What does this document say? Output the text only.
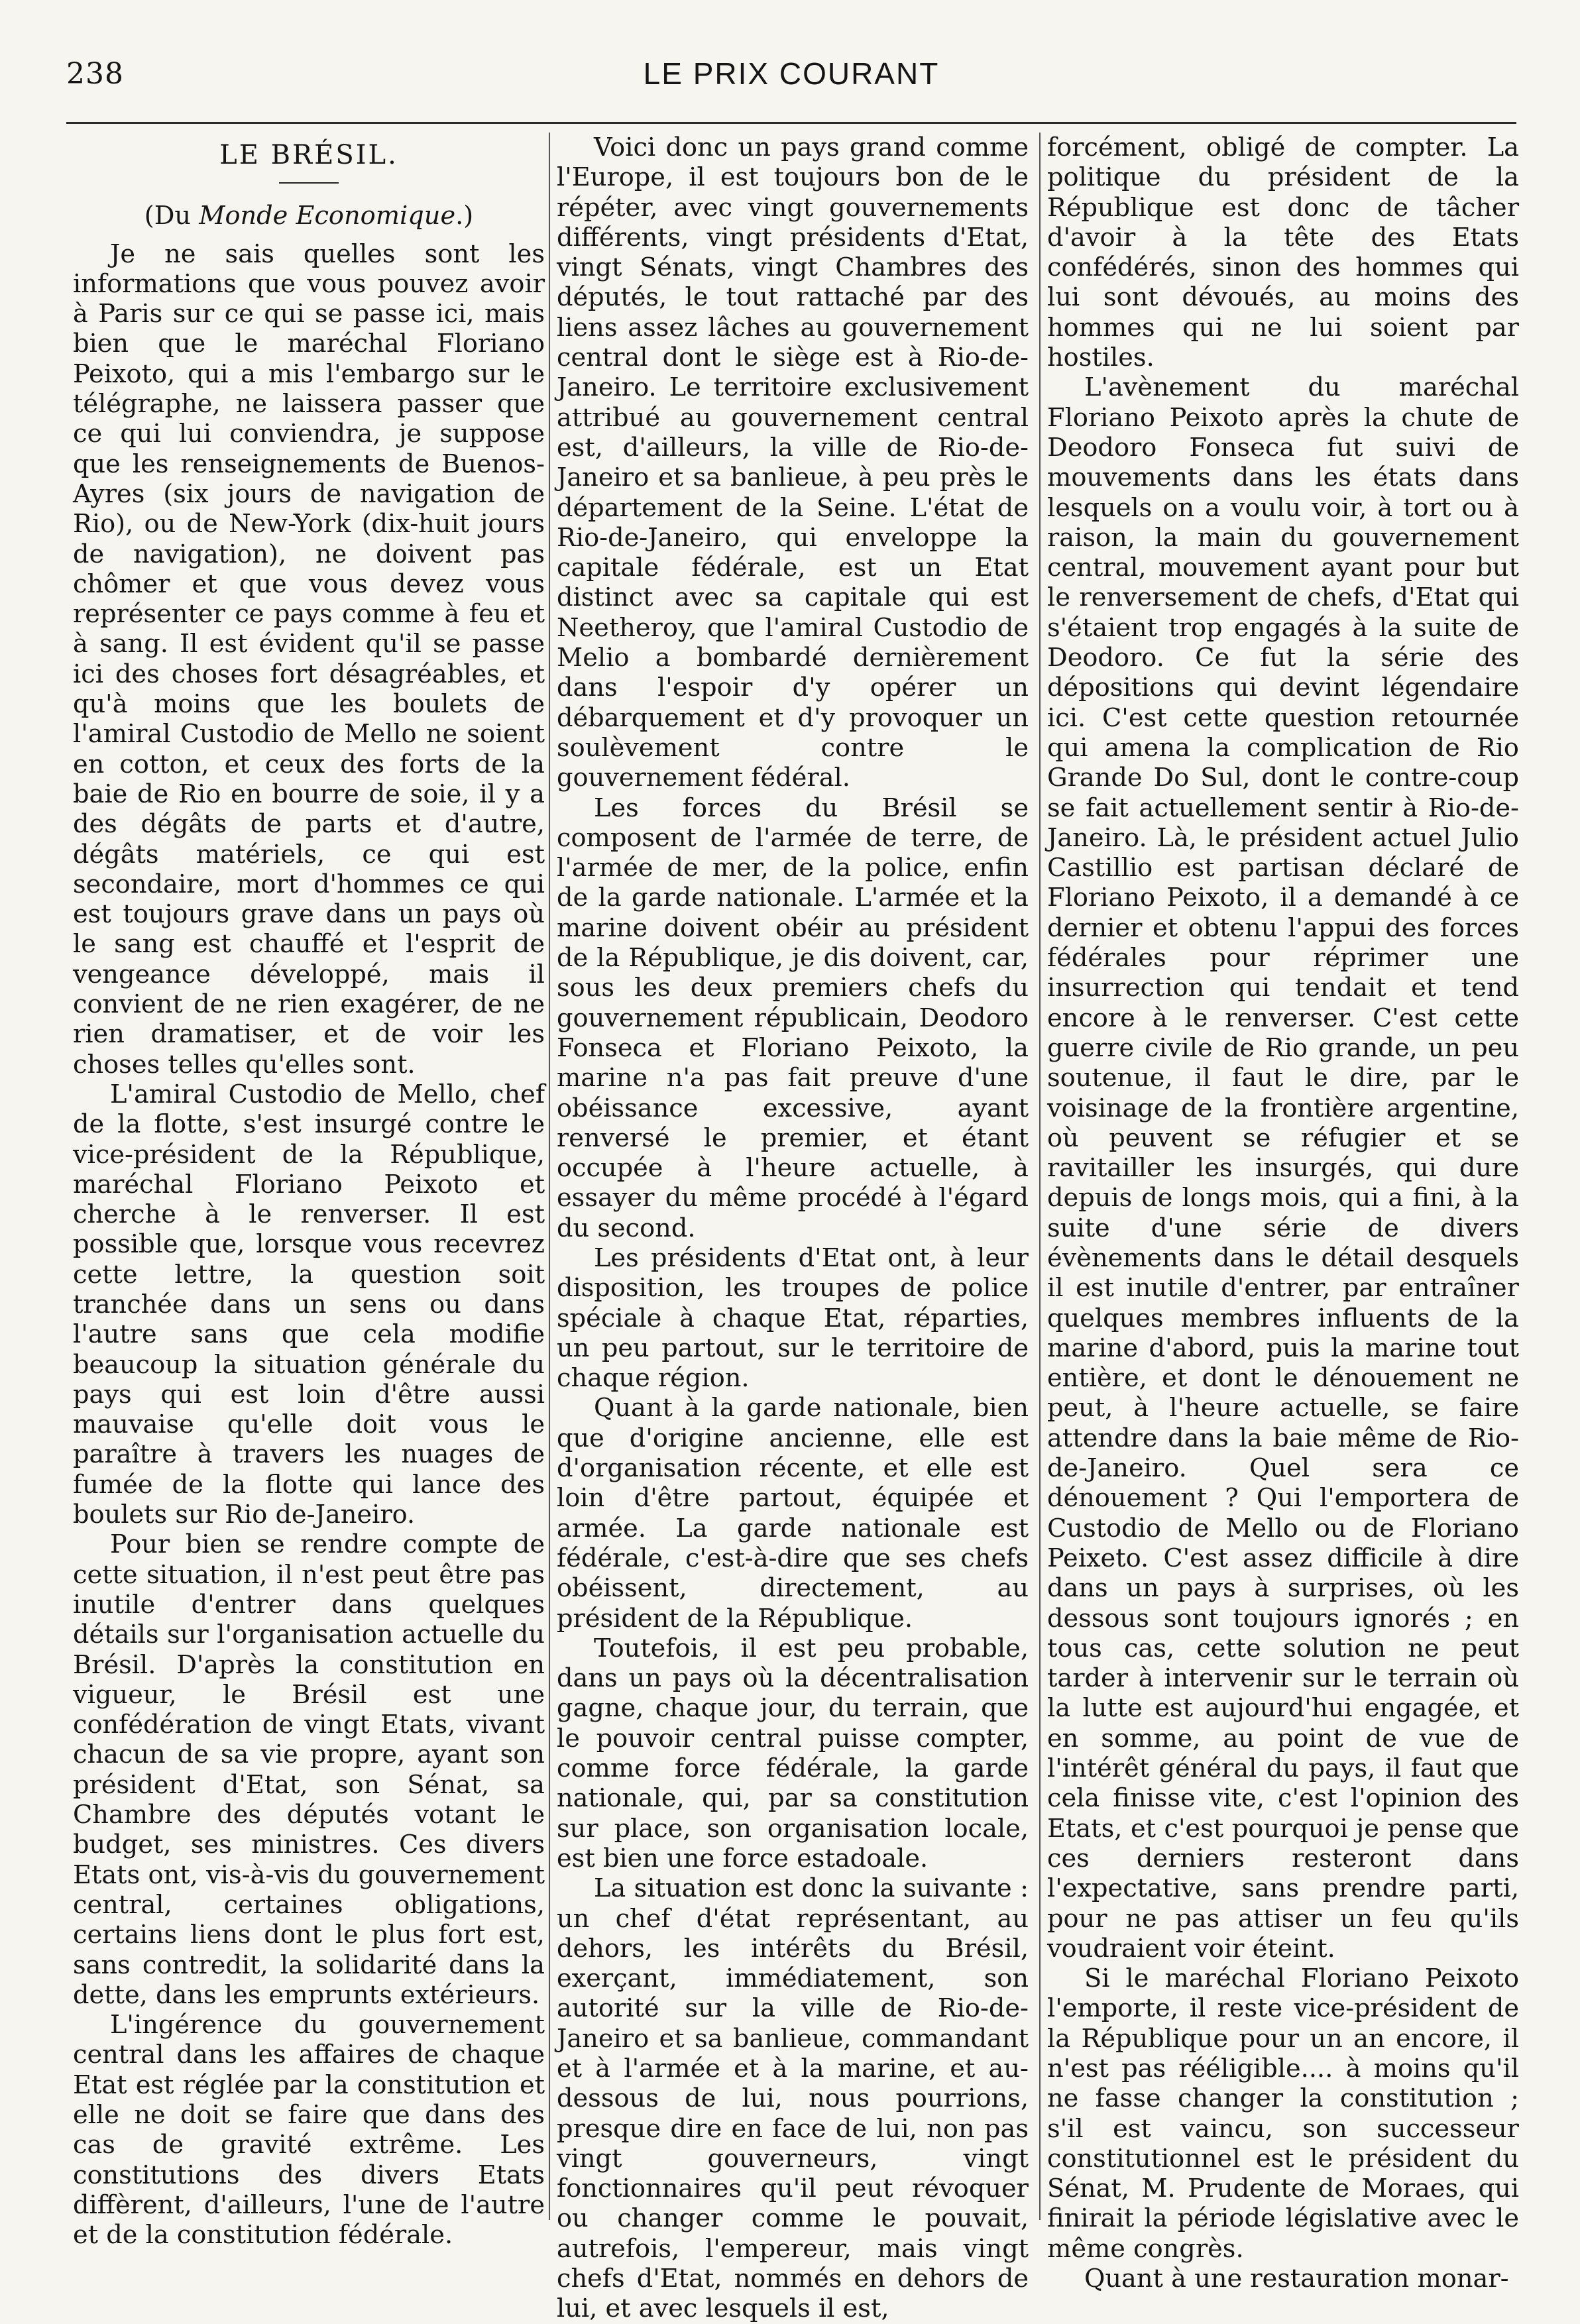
238	LE PRIX COURANT
LE BRÉSIL.

(Du Monde Economique.)

Je ne sais quelles sont les informations que vous pouvez avoir à Paris sur ce qui se passe ici, mais bien que le maréchal Floriano Peixoto, qui a mis l'embargo sur le télégraphe, ne laissera passer que ce qui lui conviendra, je suppose que les renseignements de Buenos-Ayres (six jours de navigation de Rio), ou de New-York (dix-huit jours de navigation), ne doivent pas chômer et que vous devez vous représenter ce pays comme à feu et à sang. Il est évident qu'il se passe ici des choses fort désagréables, et qu'à moins que les boulets de l'amiral Custodio de Mello ne soient en cotton, et ceux des forts de la baie de Rio en bourre de soie, il y a des dégâts de parts et d'autre, dégâts matériels, ce qui est secondaire, mort d'hommes ce qui est toujours grave dans un pays où le sang est chauffé et l'esprit de vengeance développé, mais il convient de ne rien exagérer, de ne rien dramatiser, et de voir les choses telles qu'elles sont.

L'amiral Custodio de Mello, chef de la flotte, s'est insurgé contre le vice-président de la République, maréchal Floriano Peixoto et cherche à le renverser. Il est possible que, lorsque vous recevrez cette lettre, la question soit tranchée dans un sens ou dans l'autre sans que cela modifie beaucoup la situation générale du pays qui est loin d'être aussi mauvaise qu'elle doit vous le paraître à travers les nuages de fumée de la flotte qui lance des boulets sur Rio de-Janeiro.

Pour bien se rendre compte de cette situation, il n'est peut être pas inutile d'entrer dans quelques détails sur l'organisation actuelle du Brésil. D'après la constitution en vigueur, le Brésil est une confédération de vingt Etats, vivant chacun de sa vie propre, ayant son président d'Etat, son Sénat, sa Chambre des députés votant le budget, ses ministres. Ces divers Etats ont, vis-à-vis du gouvernement central, certaines obligations, certains liens dont le plus fort est, sans contredit, la solidarité dans la dette, dans les emprunts extérieurs.

L'ingérence du gouvernement central dans les affaires de chaque Etat est réglée par la constitution et elle ne doit se faire que dans des cas de gravité extrême. Les constitutions des divers Etats diffèrent, d'ailleurs, l'une de l'autre et de la constitution fédérale.

Voici donc un pays grand comme l'Europe, il est toujours bon de le répéter, avec vingt gouvernements différents, vingt présidents d'Etat, vingt Sénats, vingt Chambres des députés, le tout rattaché par des liens assez lâches au gouvernement central dont le siège est à Rio-de-Janeiro. Le territoire exclusivement attribué au gouvernement central est, d'ailleurs, la ville de Rio-de-Janeiro et sa banlieue, à peu près le département de la Seine. L'état de Rio-de-Janeiro, qui enveloppe la capitale fédérale, est un Etat distinct avec sa capitale qui est Neetheroy, que l'amiral Custodio de Melio a bombardé dernièrement dans l'espoir d'y opérer un débarquement et d'y provoquer un soulèvement contre le gouvernement fédéral.

Les forces du Brésil se composent de l'armée de terre, de l'armée de mer, de la police, enfin de la garde nationale. L'armée et la marine doivent obéir au président de la République, je dis doivent, car, sous les deux premiers chefs du gouvernement républicain, Deodoro Fonseca et Floriano Peixoto, la marine n'a pas fait preuve d'une obéissance excessive, ayant renversé le premier, et étant occupée à l'heure actuelle, à essayer du même procédé à l'égard du second.

Les présidents d'Etat ont, à leur disposition, les troupes de police spéciale à chaque Etat, réparties, un peu partout, sur le territoire de chaque région.

Quant à la garde nationale, bien que d'origine ancienne, elle est d'organisation récente, et elle est loin d'être partout, équipée et armée. La garde nationale est fédérale, c'est-à-dire que ses chefs obéissent, directement, au président de la République.

Toutefois, il est peu probable, dans un pays où la décentralisation gagne, chaque jour, du terrain, que le pouvoir central puisse compter, comme force fédérale, la garde nationale, qui, par sa constitution sur place, son organisation locale, est bien une force estadoale.

La situation est donc la suivante : un chef d'état représentant, au dehors, les intérêts du Brésil, exerçant, immédiatement, son autorité sur la ville de Rio-de-Janeiro et sa banlieue, commandant et à l'armée et à la marine, et au-dessous de lui, nous pourrions, presque dire en face de lui, non pas vingt gouverneurs, vingt fonctionnaires qu'il peut révoquer ou changer comme le pouvait, autrefois, l'empereur, mais vingt chefs d'Etat, nommés en dehors de lui, et avec lesquels il est,

forcément, obligé de compter. La politique du président de la République est donc de tâcher d'avoir à la tête des Etats confédérés, sinon des hommes qui lui sont dévoués, au moins des hommes qui ne lui soient par hostiles.

L'avènement du maréchal Floriano Peixoto après la chute de Deodoro Fonseca fut suivi de mouvements dans les états dans lesquels on a voulu voir, à tort ou à raison, la main du gouvernement central, mouvement ayant pour but le renversement de chefs, d'Etat qui s'étaient trop engagés à la suite de Deodoro. Ce fut la série des dépositions qui devint légendaire ici. C'est cette question retournée qui amena la complication de Rio Grande Do Sul, dont le contre-coup se fait actuellement sentir à Rio-de-Janeiro. Là, le président actuel Julio Castillio est partisan déclaré de Floriano Peixoto, il a demandé à ce dernier et obtenu l'appui des forces fédérales pour réprimer une insurrection qui tendait et tend encore à le renverser. C'est cette guerre civile de Rio grande, un peu soutenue, il faut le dire, par le voisinage de la frontière argentine, où peuvent se réfugier et se ravitailler les insurgés, qui dure depuis de longs mois, qui a fini, à la suite d'une série de divers évènements dans le détail desquels il est inutile d'entrer, par entraîner quelques membres influents de la marine d'abord, puis la marine tout entière, et dont le dénouement ne peut, à l'heure actuelle, se faire attendre dans la baie même de Rio-de-Janeiro. Quel sera ce dénouement ? Qui l'emportera de Custodio de Mello ou de Floriano Peixeto. C'est assez difficile à dire dans un pays à surprises, où les dessous sont toujours ignorés ; en tous cas, cette solution ne peut tarder à intervenir sur le terrain où la lutte est aujourd'hui engagée, et en somme, au point de vue de l'intérêt général du pays, il faut que cela finisse vite, c'est l'opinion des Etats, et c'est pourquoi je pense que ces derniers resteront dans l'expectative, sans prendre parti, pour ne pas attiser un feu qu'ils voudraient voir éteint.

Si le maréchal Floriano Peixoto l'emporte, il reste vice-président de la République pour un an encore, il n'est pas rééligible.... à moins qu'il ne fasse changer la constitution ; s'il est vaincu, son successeur constitutionnel est le président du Sénat, M. Prudente de Moraes, qui finirait la période législative avec le même congrès.

Quant à une restauration monar-
